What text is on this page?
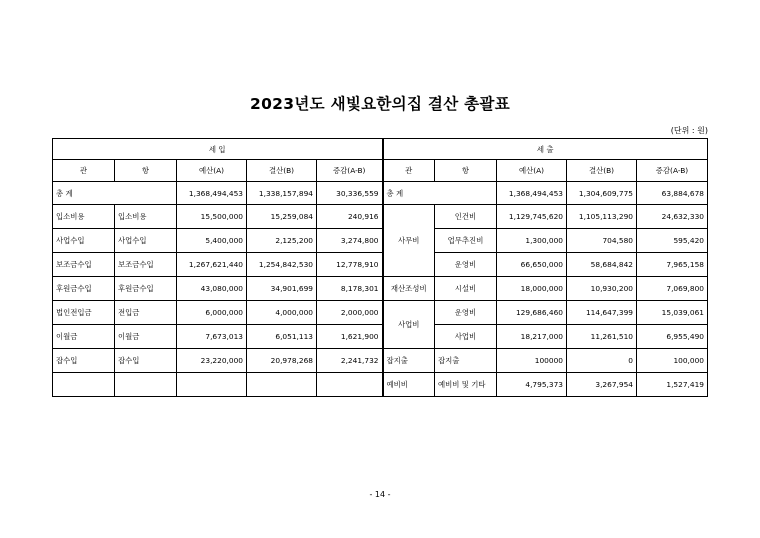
2023년도 새빛요한의집 결산 총괄표
(단위 : 원)
세 입					세 출				
관	항	예산(A)	결산(B)	증감(A-B)	관	항	예산(A)	결산(B)	증감(A-B)
총 계		1,368,494,453	1,338,157,894	30,336,559	총 계		1,368,494,453	1,304,609,775	63,884,678
입소비용	입소비용	15,500,000	15,259,084	240,916	사무비	인건비	1,129,745,620	1,105,113,290	24,632,330
사업수입	사업수입	5,400,000	2,125,200	3,274,800		업무추진비	1,300,000	704,580	595,420
보조금수입	보조금수입	1,267,621,440	1,254,842,530	12,778,910		운영비	66,650,000	58,684,842	7,965,158
후원금수입	후원금수입	43,080,000	34,901,699	8,178,301	재산조성비	시설비	18,000,000	10,930,200	7,069,800
법인전입금	전입금	6,000,000	4,000,000	2,000,000	사업비	운영비	129,686,460	114,647,399	15,039,061
이월금	이월금	7,673,013	6,051,113	1,621,900		사업비	18,217,000	11,261,510	6,955,490
잡수입	잡수입	23,220,000	20,978,268	2,241,732	잡지출	잡지출	100000	0	100,000
					예비비	예비비 및 기타	4,795,373	3,267,954	1,527,419
- 14 -
